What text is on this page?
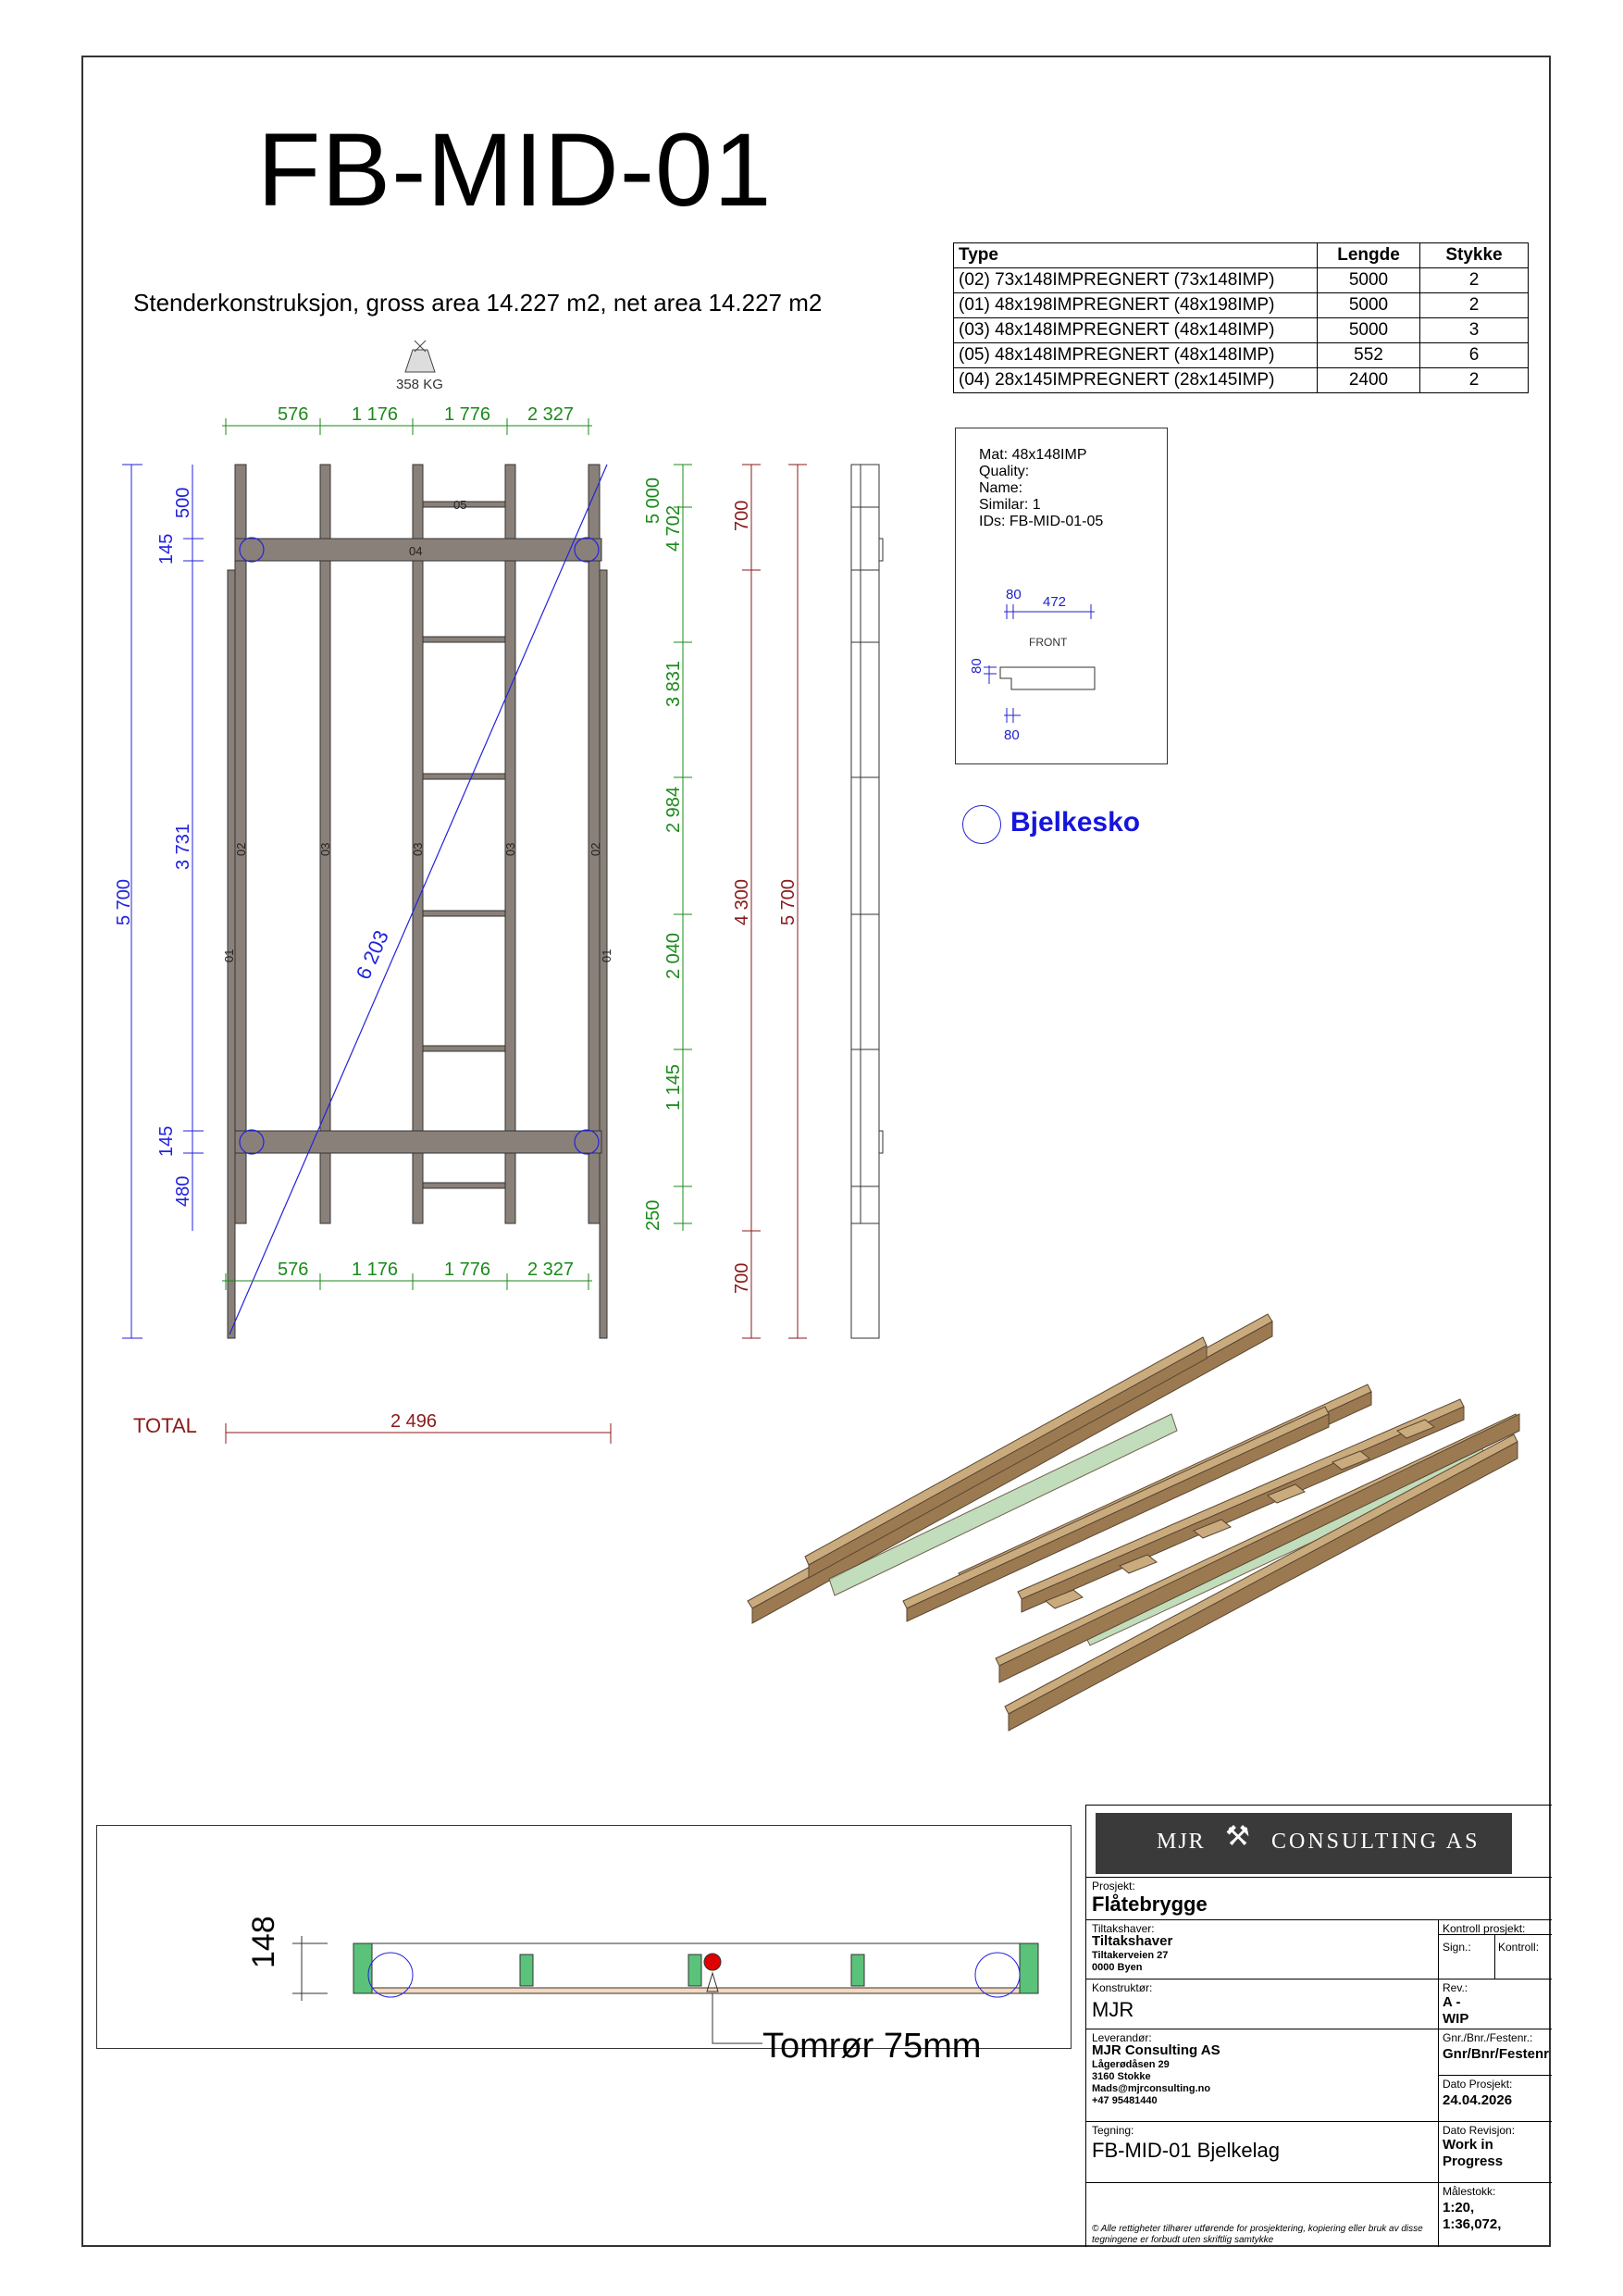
FB-MID-01
Stenderkonstruksjon, gross area 14.227 m2, net area 14.227 m2
Type	Lengde	Stykke
(02) 73x148IMPREGNERT (73x148IMP)	5000	2
(01) 48x198IMPREGNERT (48x198IMP)	5000	2
(03) 48x148IMPREGNERT (48x148IMP)	5000	3
(05) 48x148IMPREGNERT (48x148IMP)	552	6
(04) 28x145IMPREGNERT (28x145IMP)	2400	2
Mat: 48x148IMP
Quality:
Name:
Similar: 1
IDs: FB-MID-01-05
80 472
FRONT
80
80
Bjelkesko
358 KG
576 1 176 1 776 2 327
6 203
05
04
02	03	03	03	02
01	01
145
500
5 700
3 731
145
480
5 000
4 702
3 831
2 984
2 040
1 145
250
700
4 300 5 700
700
576 1 176 1 776 2 327
2 496
TOTAL
148
Tomrør 75mm
MJR ⚒ CONSULTING AS
Prosjekt:
Flåtebrygge
Tiltakshaver:
Tiltakshaver
Tiltakerveien 27
0000 Byen
Kontroll prosjekt:
Sign.: Kontroll:
Konstruktør:
MJR
Rev.:
A -
WIP
Leverandør:
MJR Consulting AS
Lågerødåsen 29
3160 Stokke
Mads@mjrconsulting.no
+47 95481440
Gnr./Bnr./Festenr.:
Gnr/Bnr/Festenr
Dato Prosjekt:
24.04.2026
Tegning:
FB-MID-01 Bjelkelag
Dato Revisjon:
Work in Progress
© Alle rettigheter tilhører utførende for prosjektering, kopiering eller bruk av disse tegningene er forbudt uten skriftlig samtykke
Målestokk:
1:20,
1:36,072,
